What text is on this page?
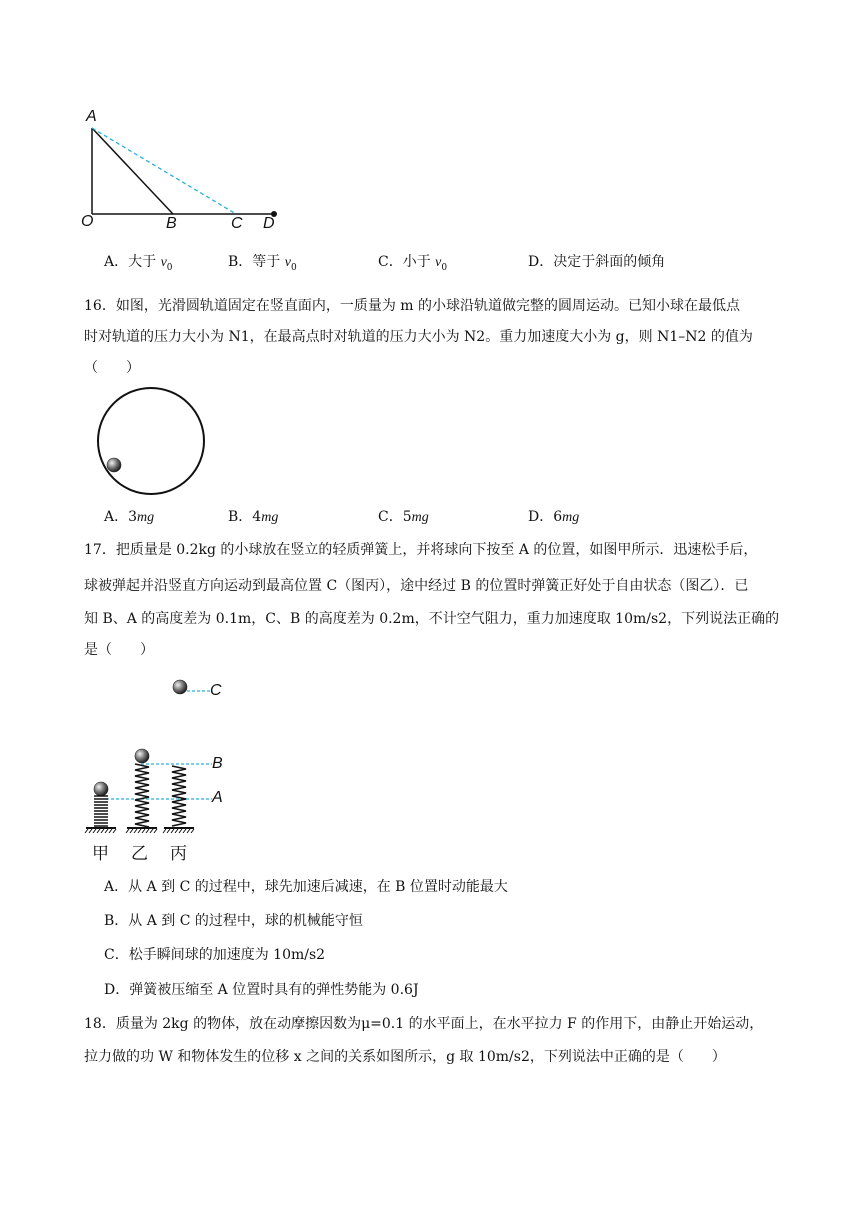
A
O	B	C D
A．大于 $v_0$	B．等于 $v_0$	C．小于 $v_0$	D．决定于斜面的倾角
16．如图，光滑圆轨道固定在竖直面内，一质量为 m 的小球沿轨道做完整的圆周运动。已知小球在最低点
时对轨道的压力大小为 N1，在最高点时对轨道的压力大小为 N2。重力加速度大小为 g，则 N1–N2 的值为
（　　）
A．3mg	B．4mg	C．5mg	D．6mg
17．把质量是 0.2kg 的小球放在竖立的轻质弹簧上，并将球向下按至 A 的位置，如图甲所示．迅速松手后，
球被弹起并沿竖直方向运动到最高位置 C（图丙），途中经过 B 的位置时弹簧正好处于自由状态（图乙）．已
知 B、A 的高度差为 0.1m，C、B 的高度差为 0.2m，不计空气阻力，重力加速度取 10m/s2，下列说法正确的
是（　　）
C
B
A
甲 乙 丙
A．从 A 到 C 的过程中，球先加速后减速，在 B 位置时动能最大
B．从 A 到 C 的过程中，球的机械能守恒
C．松手瞬间球的加速度为 10m/s2
D．弹簧被压缩至 A 位置时具有的弹性势能为 0.6J
18．质量为 2kg 的物体，放在动摩擦因数为μ=0.1 的水平面上，在水平拉力 F 的作用下，由静止开始运动，
拉力做的功 W 和物体发生的位移 x 之间的关系如图所示，g 取 10m/s2，下列说法中正确的是（　　）
